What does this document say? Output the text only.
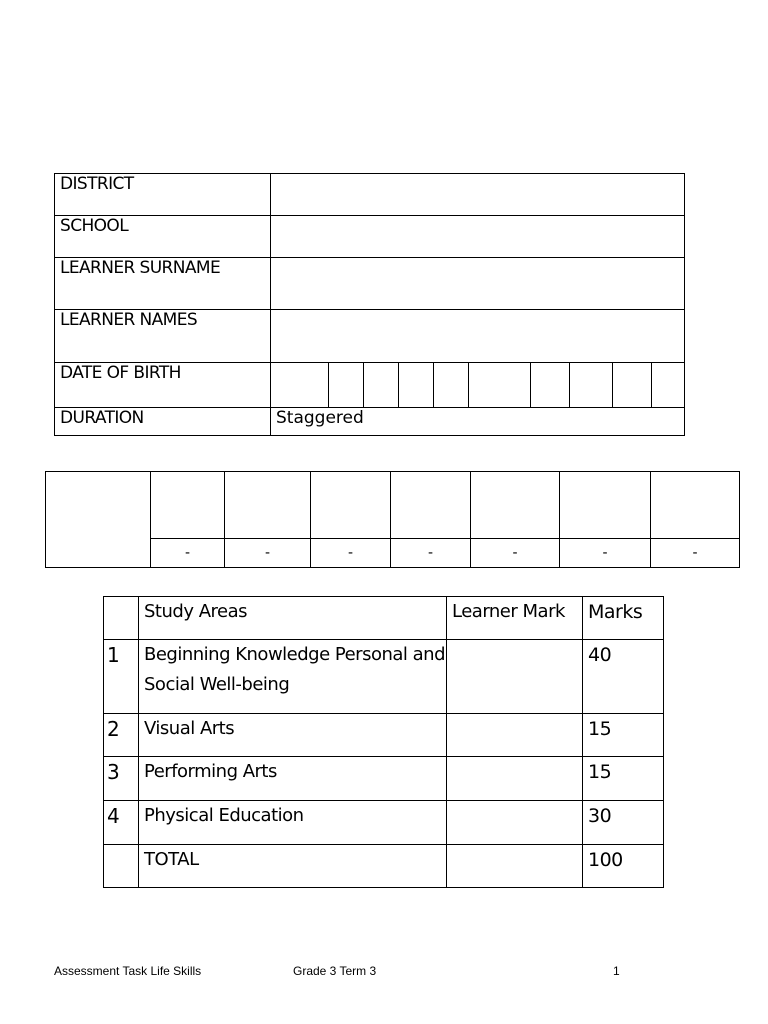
DISTRICT	
SCHOOL	
LEARNER SURNAME	
LEARNER NAMES	
DATE OF BIRTH	

DURATION	Staggered

	-	-	-	-	-	-	-
	Study Areas	Learner Mark	Marks
1	Beginning Knowledge Personal and Social Well-being		40
2	Visual Arts		15
3	Performing Arts		15
4	Physical Education		30
	TOTAL		100
Assessment Task Life Skills	Grade 3 Term 3	1
